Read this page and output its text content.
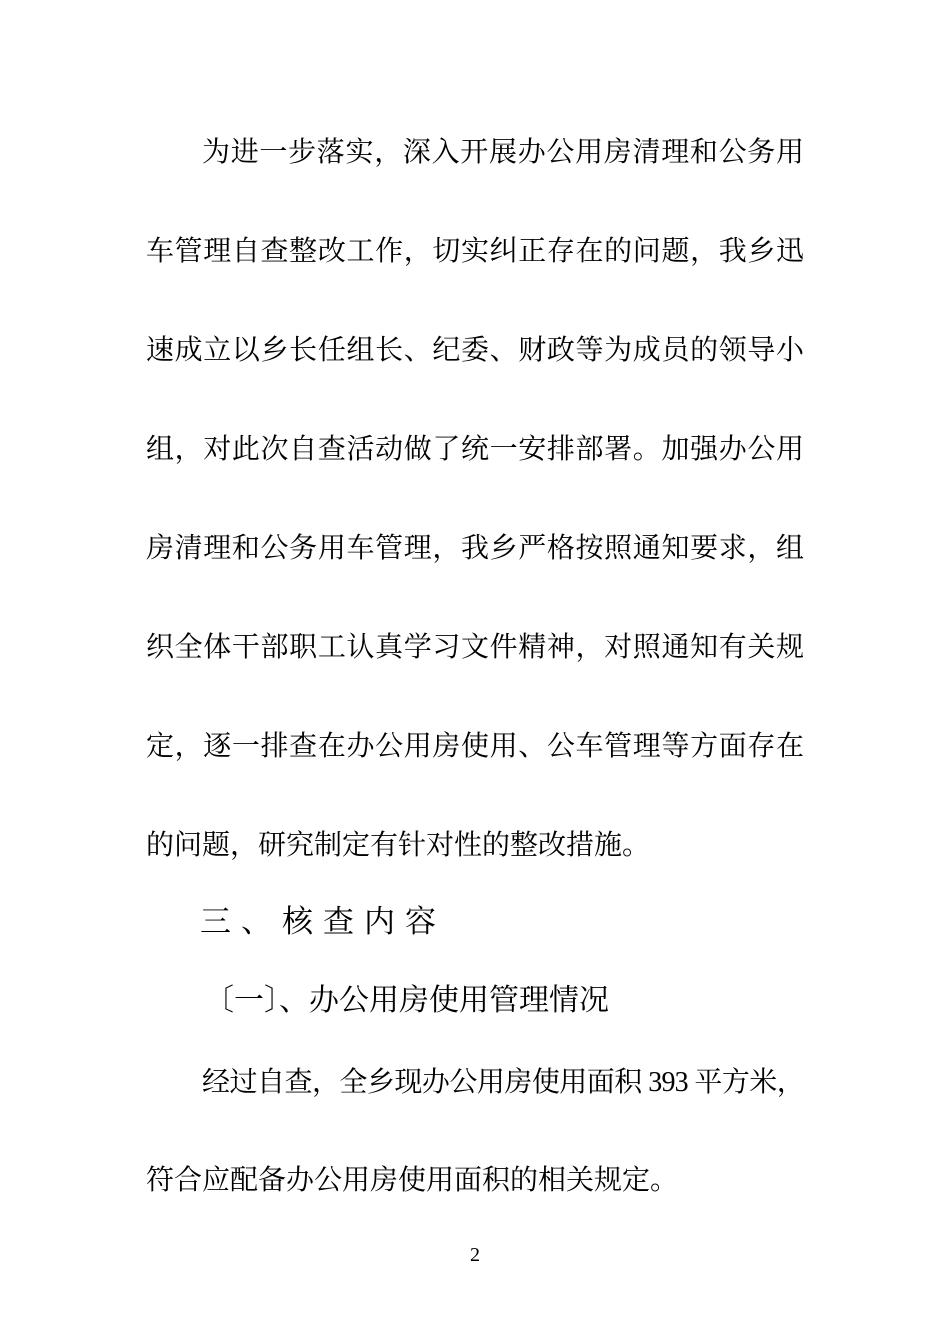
为进一步落实，深入开展办公用房清理和公务用
车管理自查整改工作，切实纠正存在的问题，我乡迅
速成立以乡长任组长、纪委、财政等为成员的领导小
组，对此次自查活动做了统一安排部署。加强办公用
房清理和公务用车管理，我乡严格按照通知要求，组
织全体干部职工认真学习文件精神，对照通知有关规
定，逐一排查在办公用房使用、公车管理等方面存在
的问题，研究制定有针对性的整改措施。
三、核查内容
〔一〕、办公用房使用管理情况
经过自查，全乡现办公用房使用面积 393 平方米，
符合应配备办公用房使用面积的相关规定。
2
